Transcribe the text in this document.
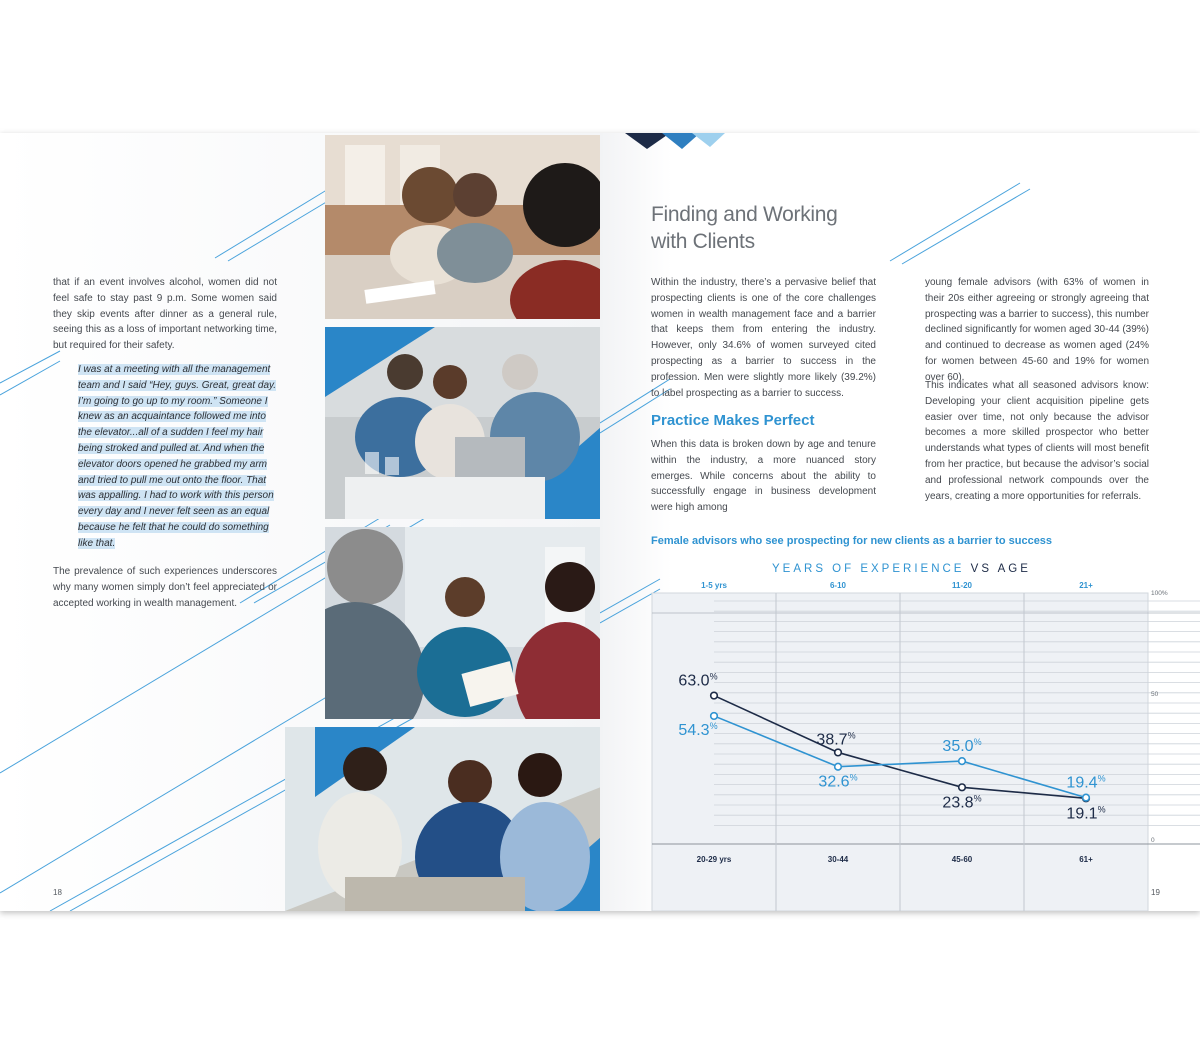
that if an event involves alcohol, women did not feel safe to stay past 9 p.m. Some women said they skip events after dinner as a general rule, seeing this as a loss of important networking time, but required for their safety.

I was at a meeting with all the management team and I said “Hey, guys. Great, great day. I’m going to go up to my room.” Someone I knew as an acquaintance followed me into the elevator...all of a sudden I feel my hair being stroked and pulled at. And when the elevator doors opened he grabbed my arm and tried to pull me out onto the floor. That was appalling. I had to work with this person every day and I never felt seen as an equal because he felt that he could do something like that.

The prevalence of such experiences underscores why many women simply don’t feel appreciated or accepted working in wealth management.

18
Finding and Working
with Clients

Within the industry, there’s a pervasive belief that prospecting clients is one of the core challenges women in wealth management face and a barrier that keeps them from entering the industry. However, only 34.6% of women surveyed cited prospecting as a barrier to success in the profession. Men were slightly more likely (39.2%) to label prospecting as a barrier to success.

Practice Makes Perfect

When this data is broken down by age and tenure within the industry, a more nuanced story emerges. While concerns about the ability to successfully engage in business development were high among

young female advisors (with 63% of women in their 20s either agreeing or strongly agreeing that prospecting was a barrier to success), this number declined significantly for women aged 30-44 (39%) and continued to decrease as women aged (24% for women between 45-60 and 19% for women over 60).

This indicates what all seasoned advisors know: Developing your client acquisition pipeline gets easier over time, not only because the advisor becomes a more skilled prospector who better understands what types of clients will most benefit from her practice, but because the advisor’s social and professional network compounds over the years, creating a more opportunities for referrals.

Female advisors who see prospecting for new clients as a barrier to success

YEARS OF EXPERIENCE VS AGE

1-5 yrs	6-10	11-20	21+
20-29 yrs	30-44	45-60	61+
100%
50
0
63.0%
38.7%
23.8%
19.1%
54.3%
32.6%
35.0%
19.4%
19
